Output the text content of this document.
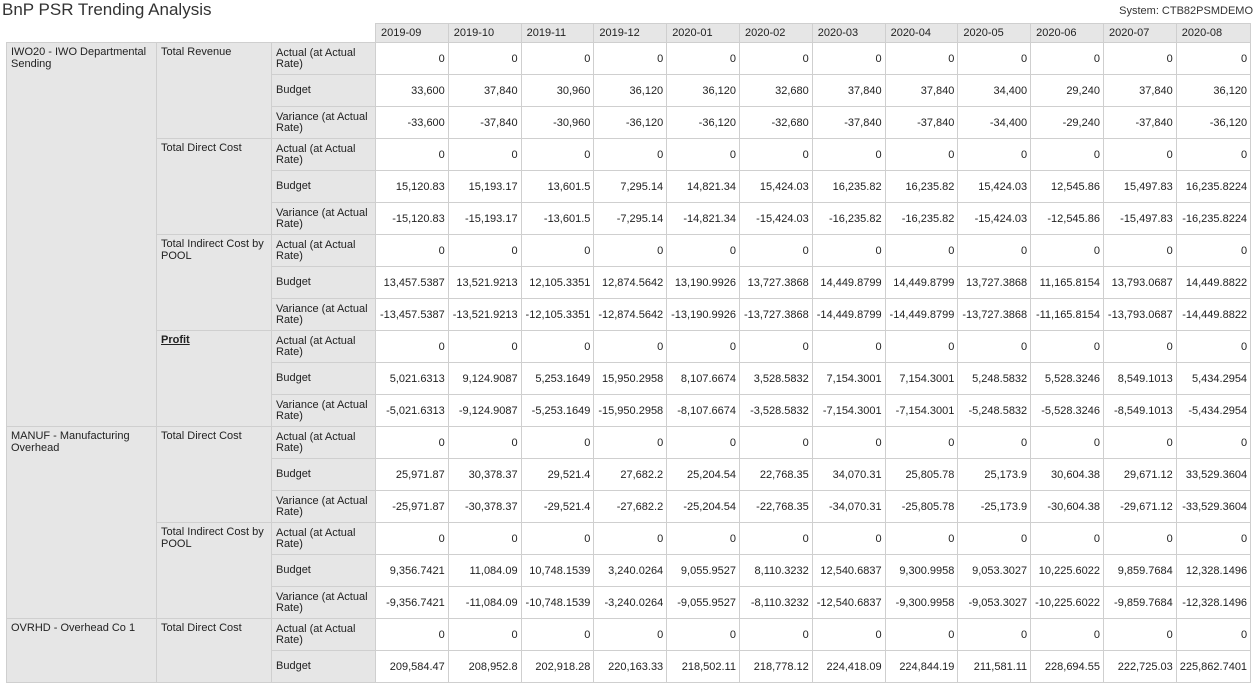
BnP PSR Trending Analysis	System: CTB82PSMDEMO
			2019-09	2019-10	2019-11	2019-12	2020-01	2020-02	2020-03	2020-04	2020-05	2020-06	2020-07	2020-08
IWO20 - IWO Departmental Sending	Total Revenue	Actual (at Actual Rate)	0	0	0	0	0	0	0	0	0	0	0	0
		Budget	33,600	37,840	30,960	36,120	36,120	32,680	37,840	37,840	34,400	29,240	37,840	36,120
		Variance (at Actual Rate)	-33,600	-37,840	-30,960	-36,120	-36,120	-32,680	-37,840	-37,840	-34,400	-29,240	-37,840	-36,120
	Total Direct Cost	Actual (at Actual Rate)	0	0	0	0	0	0	0	0	0	0	0	0
		Budget	15,120.83	15,193.17	13,601.5	7,295.14	14,821.34	15,424.03	16,235.82	16,235.82	15,424.03	12,545.86	15,497.83	16,235.8224
		Variance (at Actual Rate)	-15,120.83	-15,193.17	-13,601.5	-7,295.14	-14,821.34	-15,424.03	-16,235.82	-16,235.82	-15,424.03	-12,545.86	-15,497.83	-16,235.8224
	Total Indirect Cost by POOL	Actual (at Actual Rate)	0	0	0	0	0	0	0	0	0	0	0	0
		Budget	13,457.5387	13,521.9213	12,105.3351	12,874.5642	13,190.9926	13,727.3868	14,449.8799	14,449.8799	13,727.3868	11,165.8154	13,793.0687	14,449.8822
		Variance (at Actual Rate)	-13,457.5387	-13,521.9213	-12,105.3351	-12,874.5642	-13,190.9926	-13,727.3868	-14,449.8799	-14,449.8799	-13,727.3868	-11,165.8154	-13,793.0687	-14,449.8822
	Profit	Actual (at Actual Rate)	0	0	0	0	0	0	0	0	0	0	0	0
		Budget	5,021.6313	9,124.9087	5,253.1649	15,950.2958	8,107.6674	3,528.5832	7,154.3001	7,154.3001	5,248.5832	5,528.3246	8,549.1013	5,434.2954
		Variance (at Actual Rate)	-5,021.6313	-9,124.9087	-5,253.1649	-15,950.2958	-8,107.6674	-3,528.5832	-7,154.3001	-7,154.3001	-5,248.5832	-5,528.3246	-8,549.1013	-5,434.2954
MANUF - Manufacturing Overhead	Total Direct Cost	Actual (at Actual Rate)	0	0	0	0	0	0	0	0	0	0	0	0
		Budget	25,971.87	30,378.37	29,521.4	27,682.2	25,204.54	22,768.35	34,070.31	25,805.78	25,173.9	30,604.38	29,671.12	33,529.3604
		Variance (at Actual Rate)	-25,971.87	-30,378.37	-29,521.4	-27,682.2	-25,204.54	-22,768.35	-34,070.31	-25,805.78	-25,173.9	-30,604.38	-29,671.12	-33,529.3604
	Total Indirect Cost by POOL	Actual (at Actual Rate)	0	0	0	0	0	0	0	0	0	0	0	0
		Budget	9,356.7421	11,084.09	10,748.1539	3,240.0264	9,055.9527	8,110.3232	12,540.6837	9,300.9958	9,053.3027	10,225.6022	9,859.7684	12,328.1496
		Variance (at Actual Rate)	-9,356.7421	-11,084.09	-10,748.1539	-3,240.0264	-9,055.9527	-8,110.3232	-12,540.6837	-9,300.9958	-9,053.3027	-10,225.6022	-9,859.7684	-12,328.1496
OVRHD - Overhead Co 1	Total Direct Cost	Actual (at Actual Rate)	0	0	0	0	0	0	0	0	0	0	0	0
		Budget	209,584.47	208,952.8	202,918.28	220,163.33	218,502.11	218,778.12	224,418.09	224,844.19	211,581.11	228,694.55	222,725.03	225,862.7401
